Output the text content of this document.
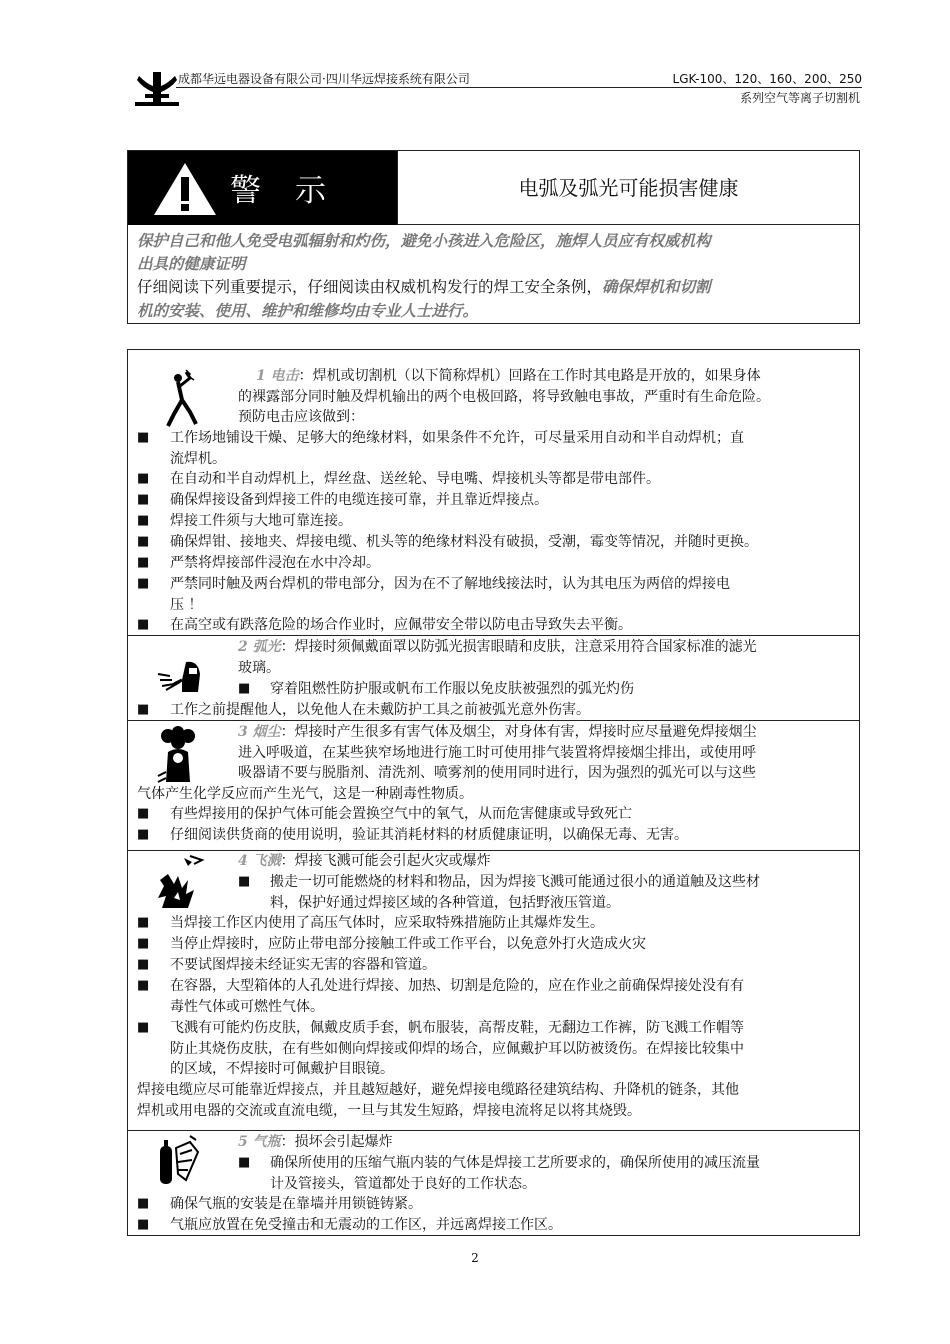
成都华远电器设备有限公司·四川华远焊接系统有限公司	LGK-100、120、160、200、250
系列空气等离子切割机
警示	电弧及弧光可能损害健康
保护自己和他人免受电弧辐射和灼伤，避免小孩进入危险区，施焊人员应有权威机构
出具的健康证明
仔细阅读下列重要提示，仔细阅读由权威机构发行的焊工安全条例，确保焊机和切割
机的安装、使用、维护和维修均由专业人士进行。
1 电击：焊机或切割机（以下简称焊机）回路在工作时其电路是开放的，如果身体
的裸露部分同时触及焊机输出的两个电极回路，将导致触电事故，严重时有生命危险。
预防电击应该做到：
■ 工作场地铺设干燥、足够大的绝缘材料，如果条件不允许，可尽量采用自动和半自动焊机；直
流焊机。
■ 在自动和半自动焊机上，焊丝盘、送丝轮、导电嘴、焊接机头等都是带电部件。
■ 确保焊接设备到焊接工件的电缆连接可靠，并且靠近焊接点。
■ 焊接工件须与大地可靠连接。
■ 确保焊钳、接地夹、焊接电缆、机头等的绝缘材料没有破损，受潮，霉变等情况，并随时更换。
■ 严禁将焊接部件浸泡在水中冷却。
■ 严禁同时触及两台焊机的带电部分，因为在不了解地线接法时，认为其电压为两倍的焊接电
压 ！
■ 在高空或有跌落危险的场合作业时，应佩带安全带以防电击导致失去平衡。
2 弧光：焊接时须佩戴面罩以防弧光损害眼睛和皮肤，注意采用符合国家标准的滤光
玻璃。
■ 穿着阻燃性防护服或帆布工作服以免皮肤被强烈的弧光灼伤
■ 工作之前提醒他人，以免他人在未戴防护工具之前被弧光意外伤害。
3 烟尘：焊接时产生很多有害气体及烟尘，对身体有害，焊接时应尽量避免焊接烟尘
进入呼吸道，在某些狭窄场地进行施工时可使用排气装置将焊接烟尘排出，或使用呼
吸器请不要与脱脂剂、清洗剂、喷雾剂的使用同时进行，因为强烈的弧光可以与这些
气体产生化学反应而产生光气，这是一种剧毒性物质。
■ 有些焊接用的保护气体可能会置换空气中的氧气，从而危害健康或导致死亡
■ 仔细阅读供货商的使用说明，验证其消耗材料的材质健康证明，以确保无毒、无害。
4 飞溅：焊接飞溅可能会引起火灾或爆炸
■ 搬走一切可能燃烧的材料和物品，因为焊接飞溅可能通过很小的通道触及这些材
料，保护好通过焊接区域的各种管道，包括野液压管道。
■ 当焊接工作区内使用了高压气体时，应采取特殊措施防止其爆炸发生。
■ 当停止焊接时，应防止带电部分接触工件或工作平台，以免意外打火造成火灾
■ 不要试图焊接未经证实无害的容器和管道。
■ 在容器，大型箱体的人孔处进行焊接、加热、切割是危险的，应在作业之前确保焊接处没有有
毒性气体或可燃性气体。
■ 飞溅有可能灼伤皮肤，佩戴皮质手套，帆布服装，高帮皮鞋，无翻边工作裤，防飞溅工作帽等
防止其烧伤皮肤，在有些如侧向焊接或仰焊的场合，应佩戴护耳以防被烫伤。在焊接比较集中
的区域，不焊接时可佩戴护目眼镜。
焊接电缆应尽可能靠近焊接点，并且越短越好，避免焊接电缆路径建筑结构、升降机的链条，其他
焊机或用电器的交流或直流电缆，一旦与其发生短路，焊接电流将足以将其烧毁。
5 气瓶：损坏会引起爆炸
■ 确保所使用的压缩气瓶内装的气体是焊接工艺所要求的，确保所使用的减压流量
计及管接头，管道都处于良好的工作状态。
■ 确保气瓶的安装是在靠墙并用锁链铸紧。
■ 气瓶应放置在免受撞击和无震动的工作区，并远离焊接工作区。
2
